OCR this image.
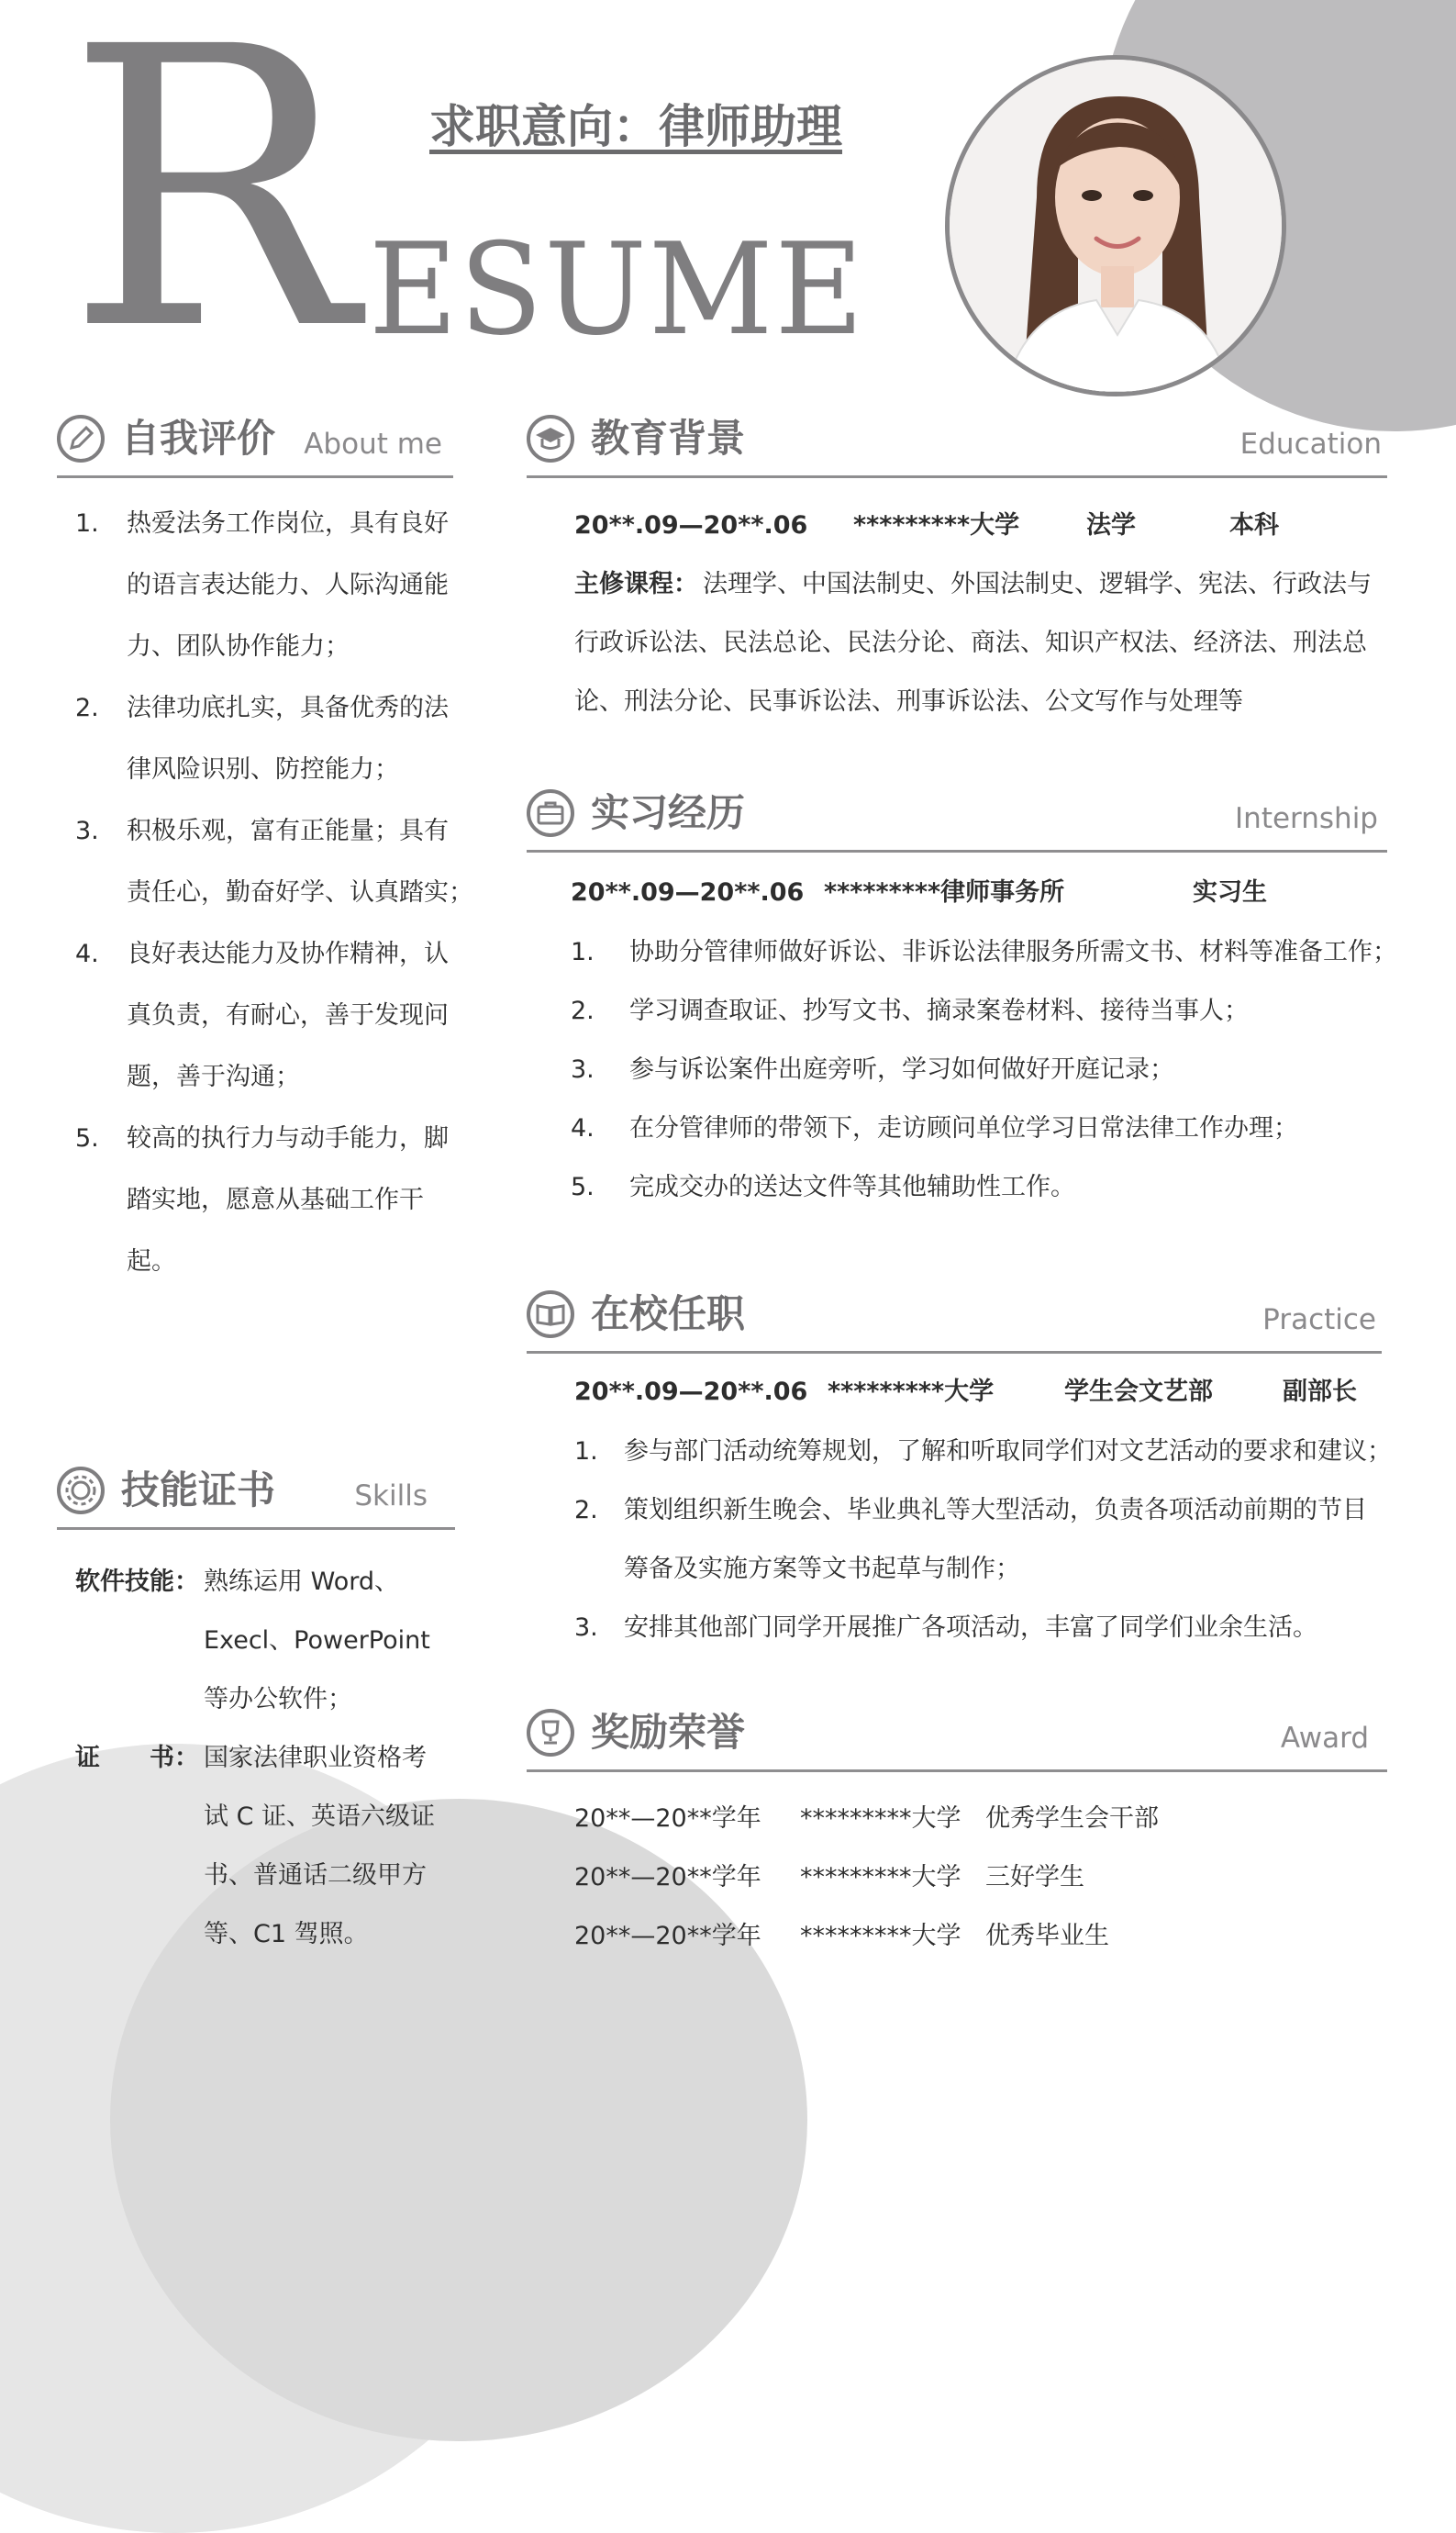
R ESUME
求职意向：律师助理
自我评价 About me
1. 热爱法务工作岗位，具有良好
的语言表达能力、人际沟通能
力、团队协作能力；
2. 法律功底扎实，具备优秀的法
律风险识别、防控能力；
3. 积极乐观，富有正能量；具有
责任心，勤奋好学、认真踏实；
4. 良好表达能力及协作精神，认
真负责，有耐心，善于发现问
题，善于沟通；
5. 较高的执行力与动手能力，脚
踏实地，愿意从基础工作干
起。
技能证书	Skills
软件技能： 熟练运用 Word、
Execl、PowerPoint
等办公软件；
证　　书： 国家法律职业资格考
试 C 证、英语六级证
书、普通话二级甲方
等、C1 驾照。
教育背景	Education
20**.09—20**.06 *********大学	法学	本科
主修课程： 法理学、中国法制史、外国法制史、逻辑学、宪法、行政法与
行政诉讼法、民法总论、民法分论、商法、知识产权法、经济法、刑法总
论、刑法分论、民事诉讼法、刑事诉讼法、公文写作与处理等
实习经历	Internship
20**.09—20**.06 *********律师事务所	实习生
1. 协助分管律师做好诉讼、非诉讼法律服务所需文书、材料等准备工作；
2. 学习调查取证、抄写文书、摘录案卷材料、接待当事人；
3. 参与诉讼案件出庭旁听，学习如何做好开庭记录；
4. 在分管律师的带领下，走访顾问单位学习日常法律工作办理；
5. 完成交办的送达文件等其他辅助性工作。
在校任职	Practice
20**.09—20**.06 *********大学	学生会文艺部	副部长
1. 参与部门活动统筹规划，了解和听取同学们对文艺活动的要求和建议；
2. 策划组织新生晚会、毕业典礼等大型活动，负责各项活动前期的节目
筹备及实施方案等文书起草与制作；
3. 安排其他部门同学开展推广各项活动，丰富了同学们业余生活。
奖励荣誉	Award
20**—20**学年 *********大学 优秀学生会干部
20**—20**学年 *********大学 三好学生
20**—20**学年 *********大学 优秀毕业生
